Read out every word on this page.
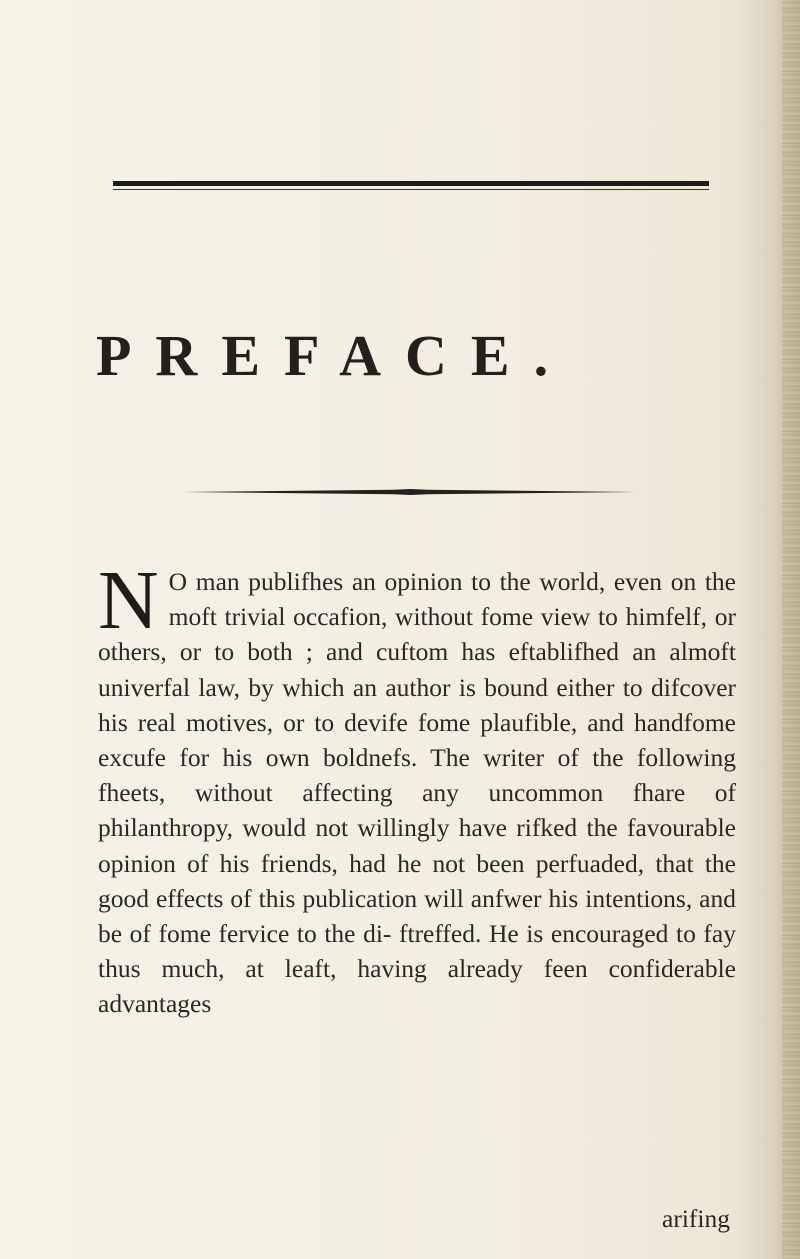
PREFACE.

N O man publifhes an opinion to the world, even on the moft trivial occafion, without fome view to himfelf, or others, or to both ; and cuftom has eftablifhed an almoft univerfal law, by which an author is bound either to difcover his real motives, or to devife fome plaufible, and handfome excufe for his own boldnefs. The writer of the following fheets, without affecting any uncommon fhare of philanthropy, would not willingly have rifked the favourable opinion of his friends, had he not been perfuaded, that the good effects of this publication will anfwer his intentions, and be of fome fervice to the di- ftreffed. He is encouraged to fay thus much, at leaft, having already feen confiderable advantages

arifing
